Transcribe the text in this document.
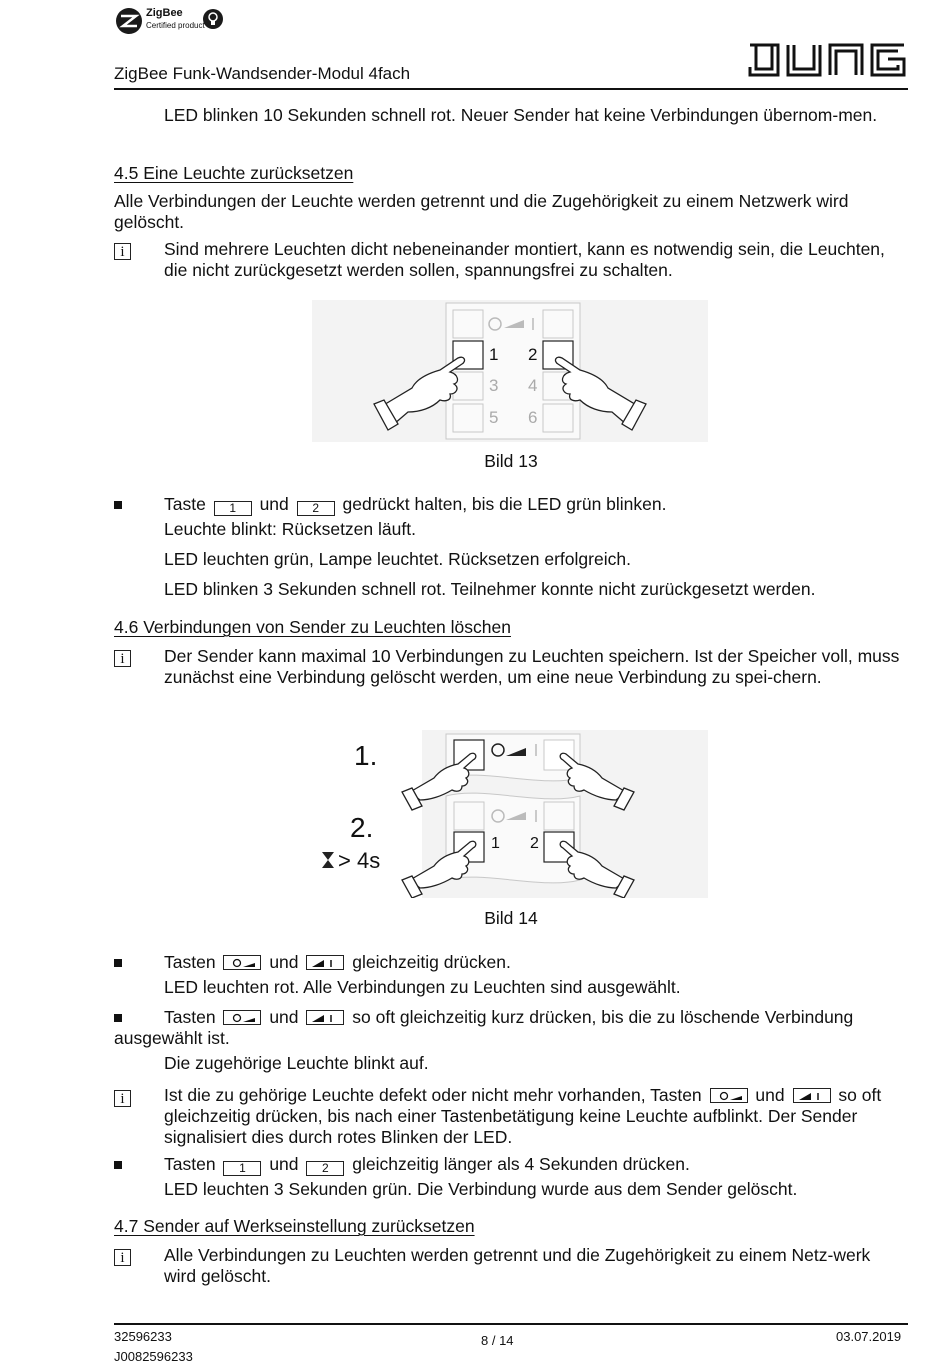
ZigBee
Certified product
ZigBee Funk-Wandsender-Modul 4fach
LED blinken 10 Sekunden schnell rot. Neuer Sender hat keine Verbindungen übernom-men.
4.5 Eine Leuchte zurücksetzen
Alle Verbindungen der Leuchte werden getrennt und die Zugehörigkeit zu einem Netzwerk wird gelöscht.
i	Sind mehrere Leuchten dicht nebeneinander montiert, kann es notwendig sein, die Leuchten, die nicht zurückgesetzt werden sollen, spannungsfrei zu schalten.
1 2
3 4
5 6
Bild 13
Taste 1 und 2 gedrückt halten, bis die LED grün blinken.
Leuchte blinkt: Rücksetzen läuft.
LED leuchten grün, Lampe leuchtet. Rücksetzen erfolgreich.
LED blinken 3 Sekunden schnell rot. Teilnehmer konnte nicht zurückgesetzt werden.
4.6 Verbindungen von Sender zu Leuchten löschen
i	Der Sender kann maximal 10 Verbindungen zu Leuchten speichern. Ist der Speicher voll, muss zunächst eine Verbindung gelöscht werden, um eine neue Verbindung zu spei-chern.
1.
2.
> 4s
1 2
Bild 14
Tasten	und	gleichzeitig drücken.
LED leuchten rot. Alle Verbindungen zu Leuchten sind ausgewählt.
Tasten	und	so oft gleichzeitig kurz drücken, bis die zu löschende Verbindung ausgewählt ist.
Die zugehörige Leuchte blinkt auf.
i	Ist die zu gehörige Leuchte defekt oder nicht mehr vorhanden, Tasten	und	so oft gleichzeitig drücken, bis nach einer Tastenbetätigung keine Leuchte aufblinkt. Der Sender signalisiert dies durch rotes Blinken der LED.
Tasten 1 und 2 gleichzeitig länger als 4 Sekunden drücken.
LED leuchten 3 Sekunden grün. Die Verbindung wurde aus dem Sender gelöscht.
4.7 Sender auf Werkseinstellung zurücksetzen
i	Alle Verbindungen zu Leuchten werden getrennt und die Zugehörigkeit zu einem Netz-werk wird gelöscht.
32596233
J0082596233
8 / 14	03.07.2019
